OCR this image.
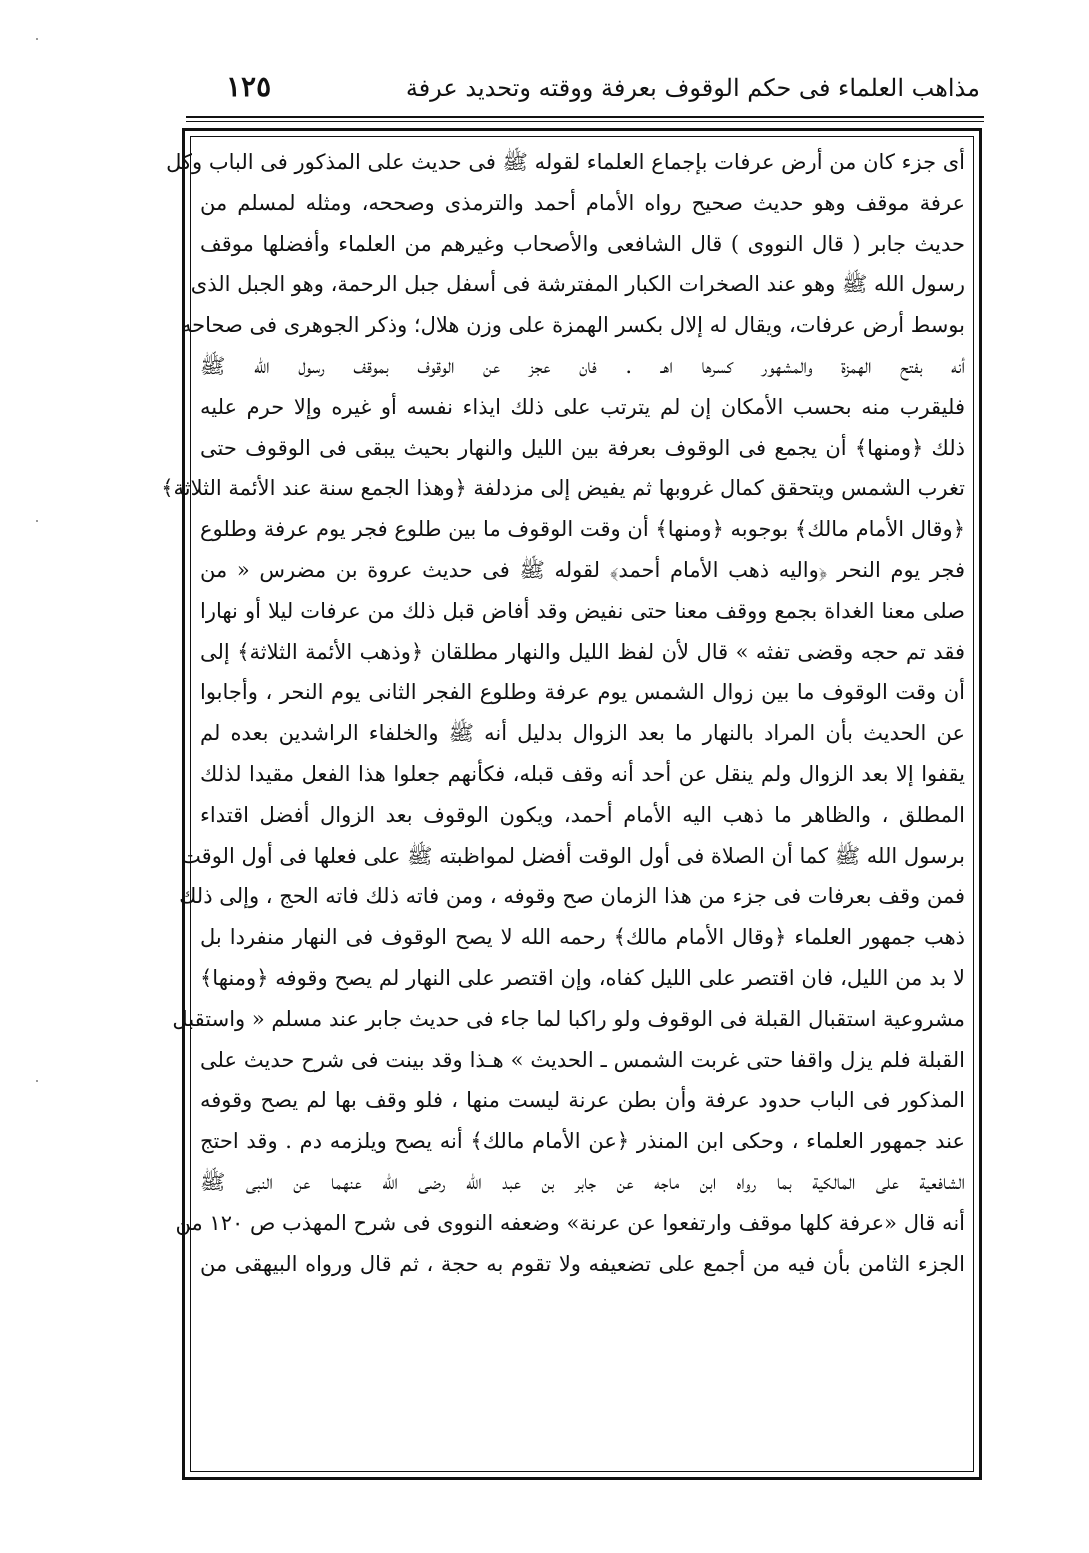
مذاهب العلماء فى حكم الوقوف بعرفة ووقته وتحديد عرفة
١٢٥
أى جزء كان من أرض عرفات بإجماع العلماء لقوله ﷺ فى حديث على المذكور فى الباب وكل
عرفة موقف وهو حديث صحيح رواه الأمام أحمد والترمذى وصححه، ومثله لمسلم من
حديث جابر ( قال النووى ) قال الشافعى والأصحاب وغيرهم من العلماء وأفضلها موقف
رسول الله ﷺ وهو عند الصخرات الكبار المفترشة فى أسفل جبل الرحمة، وهو الجبل الذى
بوسط أرض عرفات، ويقال له إلال بكسر الهمزة على وزن هلال؛ وذكر الجوهرى فى صحاحه
أنه بفتح الهمزة والمشهور كسرها اهـ . فان عجز عن الوقوف بموقف رسول الله ﷺ
فليقرب منه بحسب الأمكان إن لم يترتب على ذلك ايذاء نفسه أو غيره وإلا حرم عليه
ذلك ﴿ومنها﴾ أن يجمع فى الوقوف بعرفة بين الليل والنهار بحيث يبقى فى الوقوف حتى
تغرب الشمس ويتحقق كمال غروبها ثم يفيض إلى مزدلفة ﴿وهذا الجمع سنة عند الأئمة الثلاثة﴾
﴿وقال الأمام مالك﴾ بوجوبه ﴿ومنها﴾ أن وقت الوقوف ما بين طلوع فجر يوم عرفة وطلوع
فجر يوم النحر ﴿واليه ذهب الأمام أحمد﴾ لقوله ﷺ فى حديث عروة بن مضرس « من
صلى معنا الغداة بجمع ووقف معنا حتى نفيض وقد أفاض قبل ذلك من عرفات ليلا أو نهارا
فقد تم حجه وقضى تفثه » قال لأن لفظ الليل والنهار مطلقان ﴿وذهب الأئمة الثلاثة﴾ إلى
أن وقت الوقوف ما بين زوال الشمس يوم عرفة وطلوع الفجر الثانى يوم النحر ، وأجابوا
عن الحديث بأن المراد بالنهار ما بعد الزوال بدليل أنه ﷺ والخلفاء الراشدين بعده لم
يقفوا إلا بعد الزوال ولم ينقل عن أحد أنه وقف قبله، فكأنهم جعلوا هذا الفعل مقيدا لذلك
المطلق ، والظاهر ما ذهب اليه الأمام أحمد، ويكون الوقوف بعد الزوال أفضل اقتداء
برسول الله ﷺ كما أن الصلاة فى أول الوقت أفضل لمواظبته ﷺ على فعلها فى أول الوقت
فمن وقف بعرفات فى جزء من هذا الزمان صح وقوفه ، ومن فاته ذلك فاته الحج ، وإلى ذلك
ذهب جمهور العلماء ﴿وقال الأمام مالك﴾ رحمه الله لا يصح الوقوف فى النهار منفردا بل
لا بد من الليل، فان اقتصر على الليل كفاه، وإن اقتصر على النهار لم يصح وقوفه ﴿ومنها﴾
مشروعية استقبال القبلة فى الوقوف ولو راكبا لما جاء فى حديث جابر عند مسلم « واستقبل
القبلة فلم يزل واقفا حتى غربت الشمس ـ الحديث » هـذا وقد بينت فى شرح حديث على
المذكور فى الباب حدود عرفة وأن بطن عرنة ليست منها ، فلو وقف بها لم يصح وقوفه
عند جمهور العلماء ، وحكى ابن المنذر ﴿عن الأمام مالك﴾ أنه يصح ويلزمه دم . وقد احتج
الشافعية على المالكية بما رواه ابن ماجه عن جابر بن عبد الله رضى الله عنهما عن النبى ﷺ
أنه قال «عرفة كلها موقف وارتفعوا عن عرنة» وضعفه النووى فى شرح المهذب ص ١٢٠ من
الجزء الثامن بأن فيه من أجمع على تضعيفه ولا تقوم به حجة ، ثم قال ورواه البيهقى من
